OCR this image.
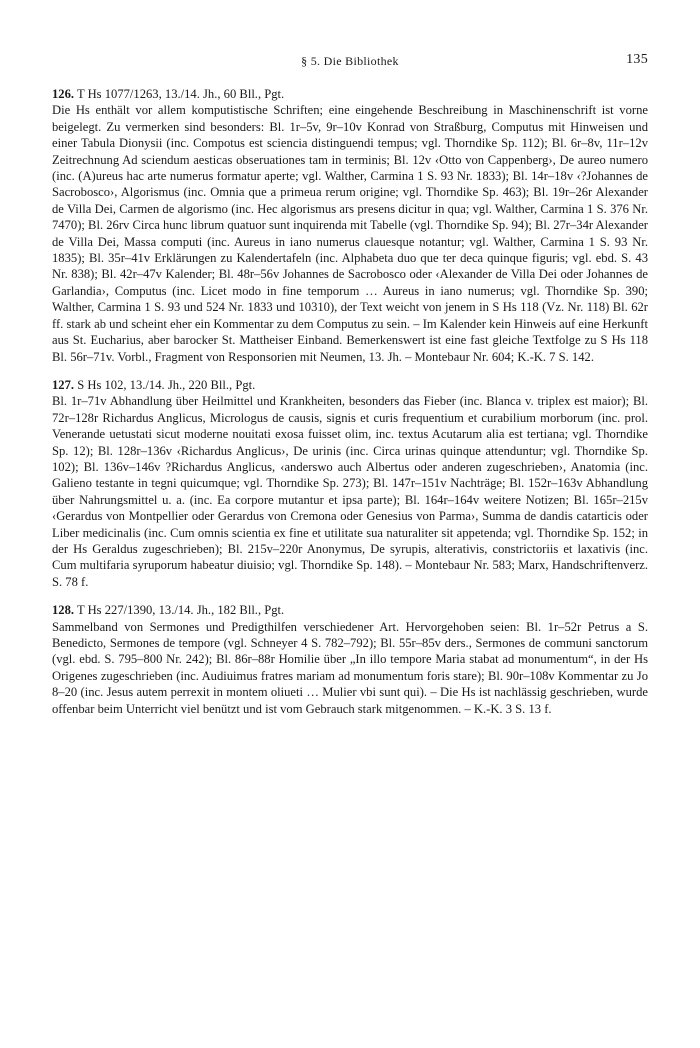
§ 5. Die Bibliothek	135

126. T Hs 1077/1263, 13./14. Jh., 60 Bll., Pgt.

Die Hs enthält vor allem komputistische Schriften; eine eingehende Beschreibung in Maschinenschrift ist vorne beigelegt. Zu vermerken sind besonders: Bl. 1r–5v, 9r–10v Konrad von Straßburg, Computus mit Hinweisen und einer Tabula Dionysii (inc. Compotus est sciencia distinguendi tempus; vgl. Thorndike Sp. 112); Bl. 6r–8v, 11r–12v Zeitrechnung Ad sciendum aesticas obseruationes tam in terminis; Bl. 12v ‹Otto von Cappenberg›, De aureo numero (inc. (A)ureus hac arte numerus formatur aperte; vgl. Walther, Carmina 1 S. 93 Nr. 1833); Bl. 14r–18v ‹?Johannes de Sacrobosco›, Algorismus (inc. Omnia que a primeua rerum origine; vgl. Thorndike Sp. 463); Bl. 19r–26r Alexander de Villa Dei, Carmen de algorismo (inc. Hec algorismus ars presens dicitur in qua; vgl. Walther, Carmina 1 S. 376 Nr. 7470); Bl. 26rv Circa hunc librum quatuor sunt inquirenda mit Tabelle (vgl. Thorndike Sp. 94); Bl. 27r–34r Alexander de Villa Dei, Massa computi (inc. Aureus in iano numerus clauesque notantur; vgl. Walther, Carmina 1 S. 93 Nr. 1835); Bl. 35r–41v Erklärungen zu Kalendertafeln (inc. Alphabeta duo que ter deca quinque figuris; vgl. ebd. S. 43 Nr. 838); Bl. 42r–47v Kalender; Bl. 48r–56v Johannes de Sacrobosco oder ‹Alexander de Villa Dei oder Johannes de Garlandia›, Computus (inc. Licet modo in fine temporum … Aureus in iano numerus; vgl. Thorndike Sp. 390; Walther, Carmina 1 S. 93 und 524 Nr. 1833 und 10310), der Text weicht von jenem in S Hs 118 (Vz. Nr. 118) Bl. 62r ff. stark ab und scheint eher ein Kommentar zu dem Computus zu sein. – Im Kalender kein Hinweis auf eine Herkunft aus St. Eucharius, aber barocker St. Mattheiser Einband. Bemerkenswert ist eine fast gleiche Textfolge zu S Hs 118 Bl. 56r–71v. Vorbl., Fragment von Responsorien mit Neumen, 13. Jh. – Montebaur Nr. 604; K.-K. 7 S. 142.

127. S Hs 102, 13./14. Jh., 220 Bll., Pgt.

Bl. 1r–71v Abhandlung über Heilmittel und Krankheiten, besonders das Fieber (inc. Blanca v. triplex est maior); Bl. 72r–128r Richardus Anglicus, Micrologus de causis, signis et curis frequentium et curabilium morborum (inc. prol. Venerande uetustati sicut moderne nouitati exosa fuisset olim, inc. textus Acutarum alia est tertiana; vgl. Thorndike Sp. 12); Bl. 128r–136v ‹Richardus Anglicus›, De urinis (inc. Circa urinas quinque attenduntur; vgl. Thorndike Sp. 102); Bl. 136v–146v ?Richardus Anglicus, ‹anderswo auch Albertus oder anderen zugeschrieben›, Anatomia (inc. Galieno testante in tegni quicumque; vgl. Thorndike Sp. 273); Bl. 147r–151v Nachträge; Bl. 152r–163v Abhandlung über Nahrungsmittel u. a. (inc. Ea corpore mutantur et ipsa parte); Bl. 164r–164v weitere Notizen; Bl. 165r–215v ‹Gerardus von Montpellier oder Gerardus von Cremona oder Genesius von Parma›, Summa de dandis catarticis oder Liber medicinalis (inc. Cum omnis scientia ex fine et utilitate sua naturaliter sit appetenda; vgl. Thorndike Sp. 152; in der Hs Geraldus zugeschrieben); Bl. 215v–220r Anonymus, De syrupis, alterativis, constrictoriis et laxativis (inc. Cum multifaria syruporum habeatur diuisio; vgl. Thorndike Sp. 148). – Montebaur Nr. 583; Marx, Handschriftenverz. S. 78 f.

128. T Hs 227/1390, 13./14. Jh., 182 Bll., Pgt.

Sammelband von Sermones und Predigthilfen verschiedener Art. Hervorgehoben seien: Bl. 1r–52r Petrus a S. Benedicto, Sermones de tempore (vgl. Schneyer 4 S. 782–792); Bl. 55r–85v ders., Sermones de communi sanctorum (vgl. ebd. S. 795–800 Nr. 242); Bl. 86r–88r Homilie über „In illo tempore Maria stabat ad monumentum“, in der Hs Origenes zugeschrieben (inc. Audiuimus fratres mariam ad monumentum foris stare); Bl. 90r–108v Kommentar zu Jo 8–20 (inc. Jesus autem perrexit in montem oliueti … Mulier vbi sunt qui). – Die Hs ist nachlässig geschrieben, wurde offenbar beim Unterricht viel benützt und ist vom Gebrauch stark mitgenommen. – K.-K. 3 S. 13 f.
